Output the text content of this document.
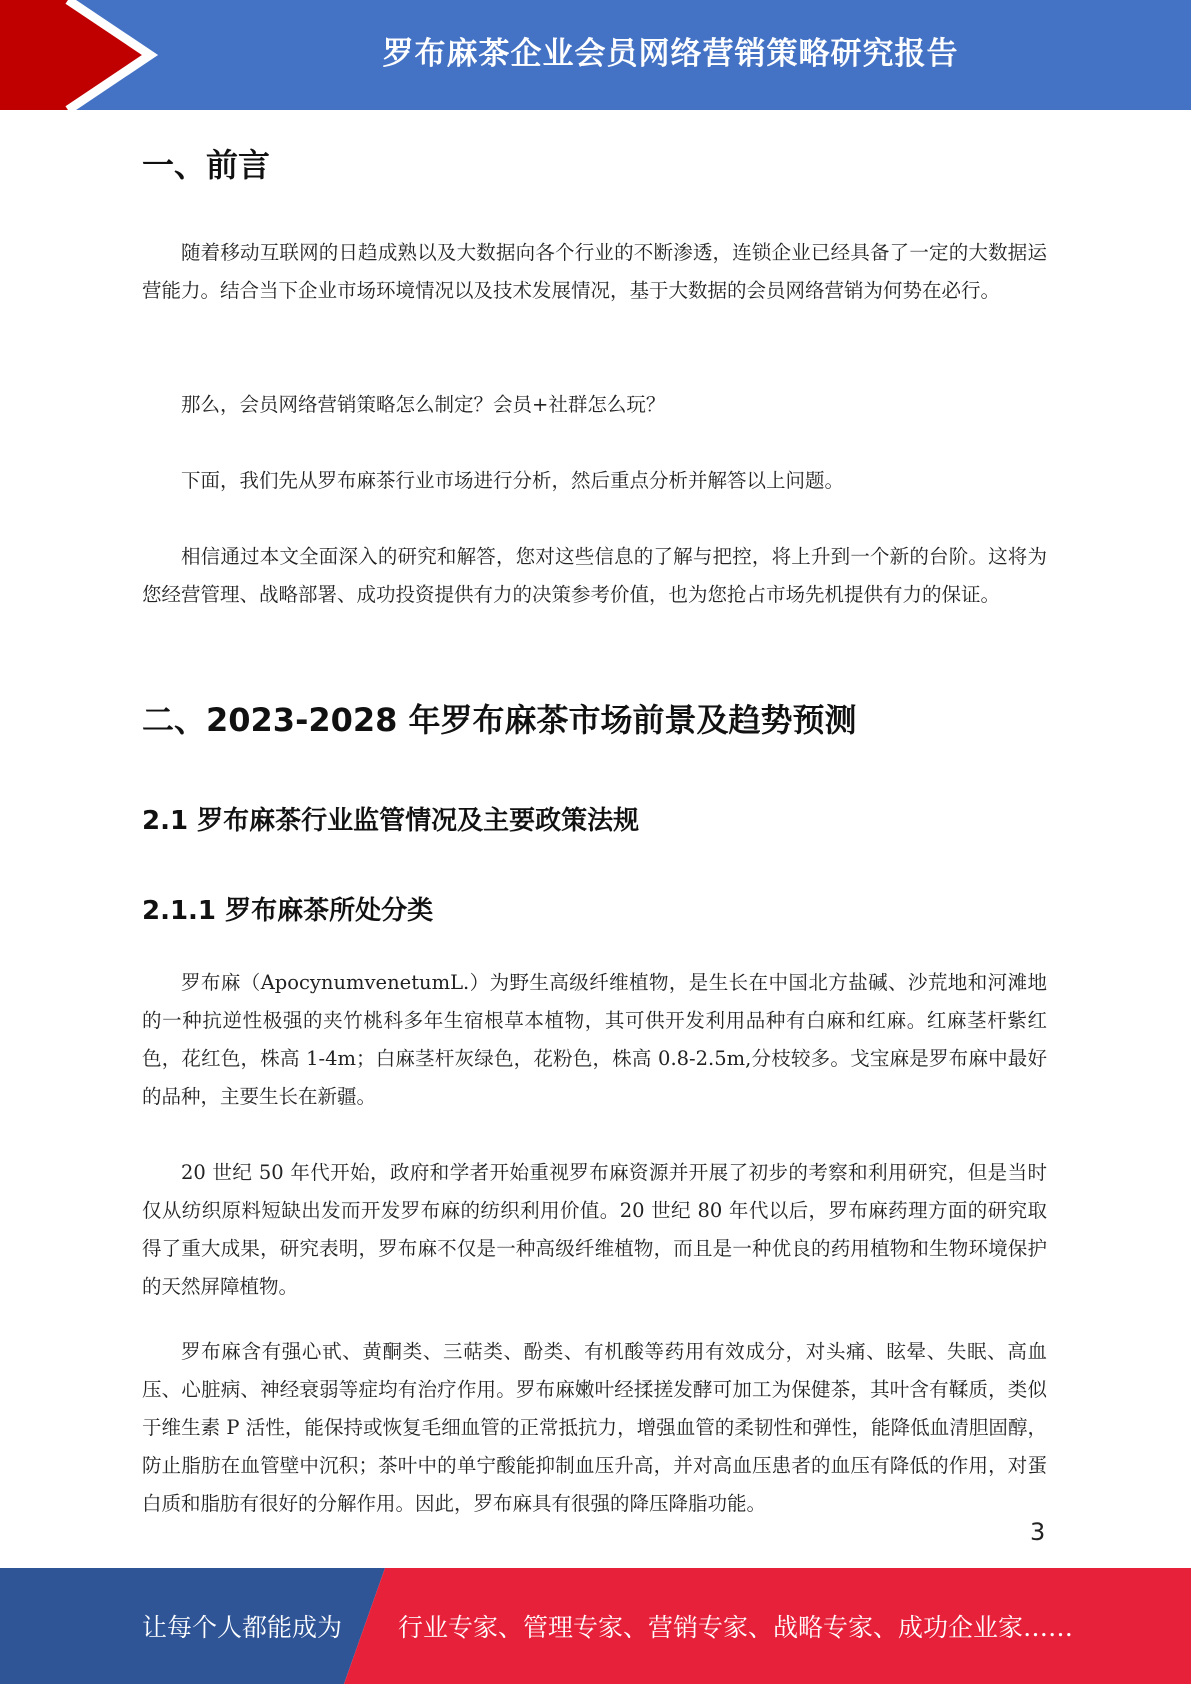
罗布麻茶企业会员网络营销策略研究报告
一、前言

随着移动互联网的日趋成熟以及大数据向各个行业的不断渗透，连锁企业已经具备了一定的大数据运营能力。结合当下企业市场环境情况以及技术发展情况，基于大数据的会员网络营销为何势在必行。

那么，会员网络营销策略怎么制定？会员+社群怎么玩？

下面，我们先从罗布麻茶行业市场进行分析，然后重点分析并解答以上问题。

相信通过本文全面深入的研究和解答，您对这些信息的了解与把控，将上升到一个新的台阶。这将为您经营管理、战略部署、成功投资提供有力的决策参考价值，也为您抢占市场先机提供有力的保证。

二、2023-2028 年罗布麻茶市场前景及趋势预测
2.1 罗布麻茶行业监管情况及主要政策法规
2.1.1 罗布麻茶所处分类

罗布麻（ApocynumvenetumL.）为野生高级纤维植物，是生长在中国北方盐碱、沙荒地和河滩地的一种抗逆性极强的夹竹桃科多年生宿根草本植物，其可供开发利用品种有白麻和红麻。红麻茎杆紫红色，花红色，株高 1-4m；白麻茎杆灰绿色，花粉色，株高 0.8-2.5m,分枝较多。戈宝麻是罗布麻中最好的品种，主要生长在新疆。

20 世纪 50 年代开始，政府和学者开始重视罗布麻资源并开展了初步的考察和利用研究，但是当时仅从纺织原料短缺出发而开发罗布麻的纺织利用价值。20 世纪 80 年代以后，罗布麻药理方面的研究取得了重大成果，研究表明，罗布麻不仅是一种高级纤维植物，而且是一种优良的药用植物和生物环境保护的天然屏障植物。

罗布麻含有强心甙、黄酮类、三萜类、酚类、有机酸等药用有效成分，对头痛、眩晕、失眠、高血压、心脏病、神经衰弱等症均有治疗作用。罗布麻嫩叶经揉搓发酵可加工为保健茶，其叶含有鞣质，类似于维生素 P 活性，能保持或恢复毛细血管的正常抵抗力，增强血管的柔韧性和弹性，能降低血清胆固醇，防止脂肪在血管壁中沉积；茶叶中的单宁酸能抑制血压升高，并对高血压患者的血压有降低的作用，对蛋白质和脂肪有很好的分解作用。因此，罗布麻具有很强的降压降脂功能。

3
让每个人都能成为 行业专家、管理专家、营销专家、战略专家、成功企业家……
